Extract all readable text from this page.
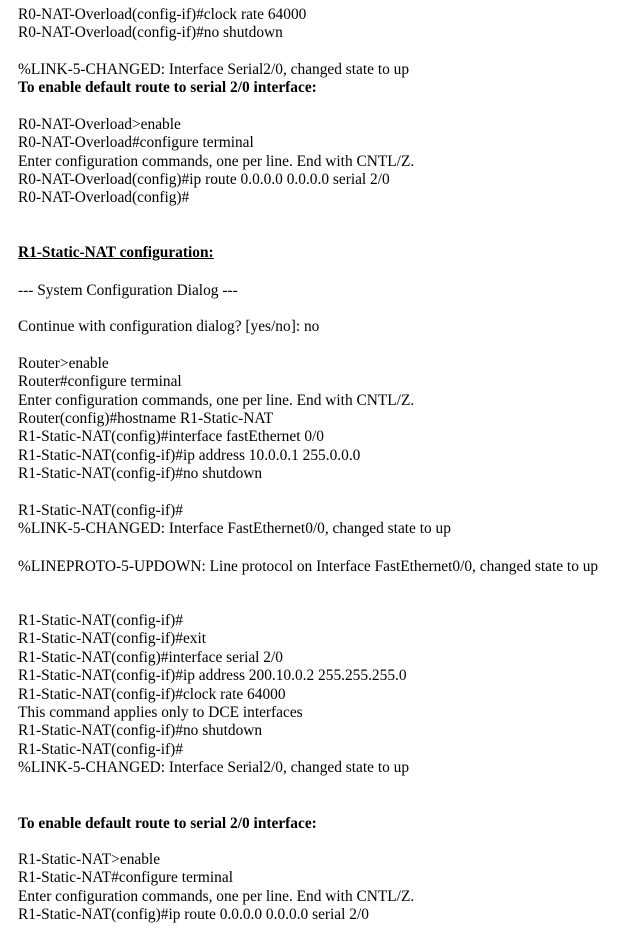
R0-NAT-Overload(config-if)#clock rate 64000
R0-NAT-Overload(config-if)#no shutdown
%LINK-5-CHANGED: Interface Serial2/0, changed state to up
To enable default route to serial 2/0 interface:
R0-NAT-Overload>enable
R0-NAT-Overload#configure terminal
Enter configuration commands, one per line. End with CNTL/Z.
R0-NAT-Overload(config)#ip route 0.0.0.0 0.0.0.0 serial 2/0
R0-NAT-Overload(config)#
R1-Static-NAT configuration:
--- System Configuration Dialog ---
Continue with configuration dialog? [yes/no]: no
Router>enable
Router#configure terminal
Enter configuration commands, one per line. End with CNTL/Z.
Router(config)#hostname R1-Static-NAT
R1-Static-NAT(config)#interface fastEthernet 0/0
R1-Static-NAT(config-if)#ip address 10.0.0.1 255.0.0.0
R1-Static-NAT(config-if)#no shutdown
R1-Static-NAT(config-if)#
%LINK-5-CHANGED: Interface FastEthernet0/0, changed state to up
%LINEPROTO-5-UPDOWN: Line protocol on Interface FastEthernet0/0, changed state to up
R1-Static-NAT(config-if)#
R1-Static-NAT(config-if)#exit
R1-Static-NAT(config)#interface serial 2/0
R1-Static-NAT(config-if)#ip address 200.10.0.2 255.255.255.0
R1-Static-NAT(config-if)#clock rate 64000
This command applies only to DCE interfaces
R1-Static-NAT(config-if)#no shutdown
R1-Static-NAT(config-if)#
%LINK-5-CHANGED: Interface Serial2/0, changed state to up
To enable default route to serial 2/0 interface:
R1-Static-NAT>enable
R1-Static-NAT#configure terminal
Enter configuration commands, one per line. End with CNTL/Z.
R1-Static-NAT(config)#ip route 0.0.0.0 0.0.0.0 serial 2/0
